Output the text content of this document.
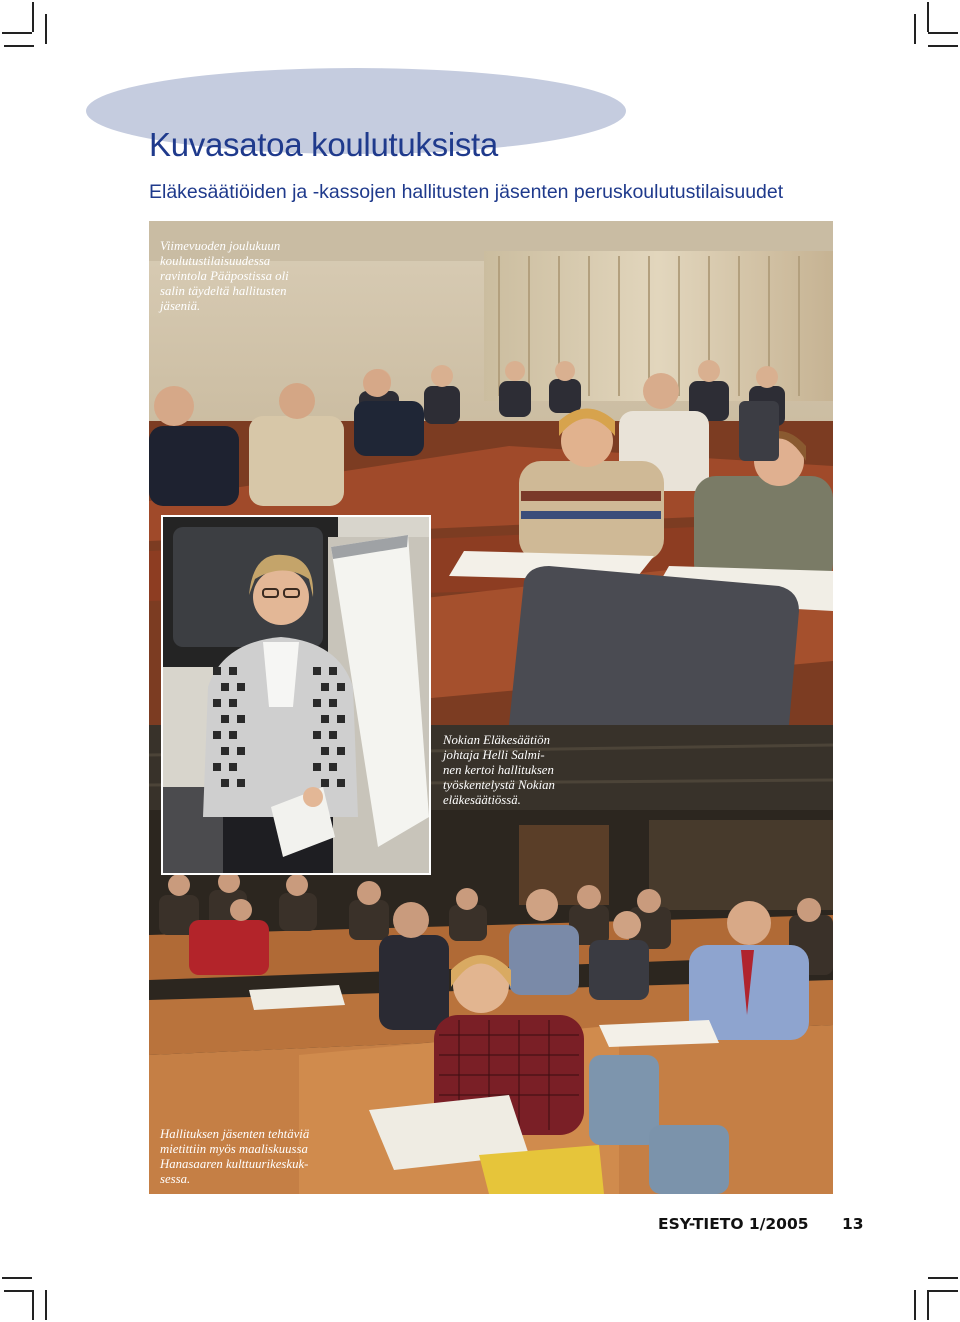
Kuvasatoa koulutuksista

Eläkesäätiöiden ja -kassojen hallitusten jäsenten peruskoulutustilaisuudet

Viimevuoden joulukuun
koulutustilaisuudessa
ravintola Pääpostissa oli
salin täydeltä hallitusten
jäseniä.

Nokian Eläkesäätiön
johtaja Helli Salmi-
nen kertoi hallituksen
työskentelystä Nokian
eläkesäätiössä.

Hallituksen jäsenten tehtäviä
mietittiin myös maaliskuussa
Hanasaaren kulttuurikeskuk-
sessa.

ESY-TIETO 1/2005 13
